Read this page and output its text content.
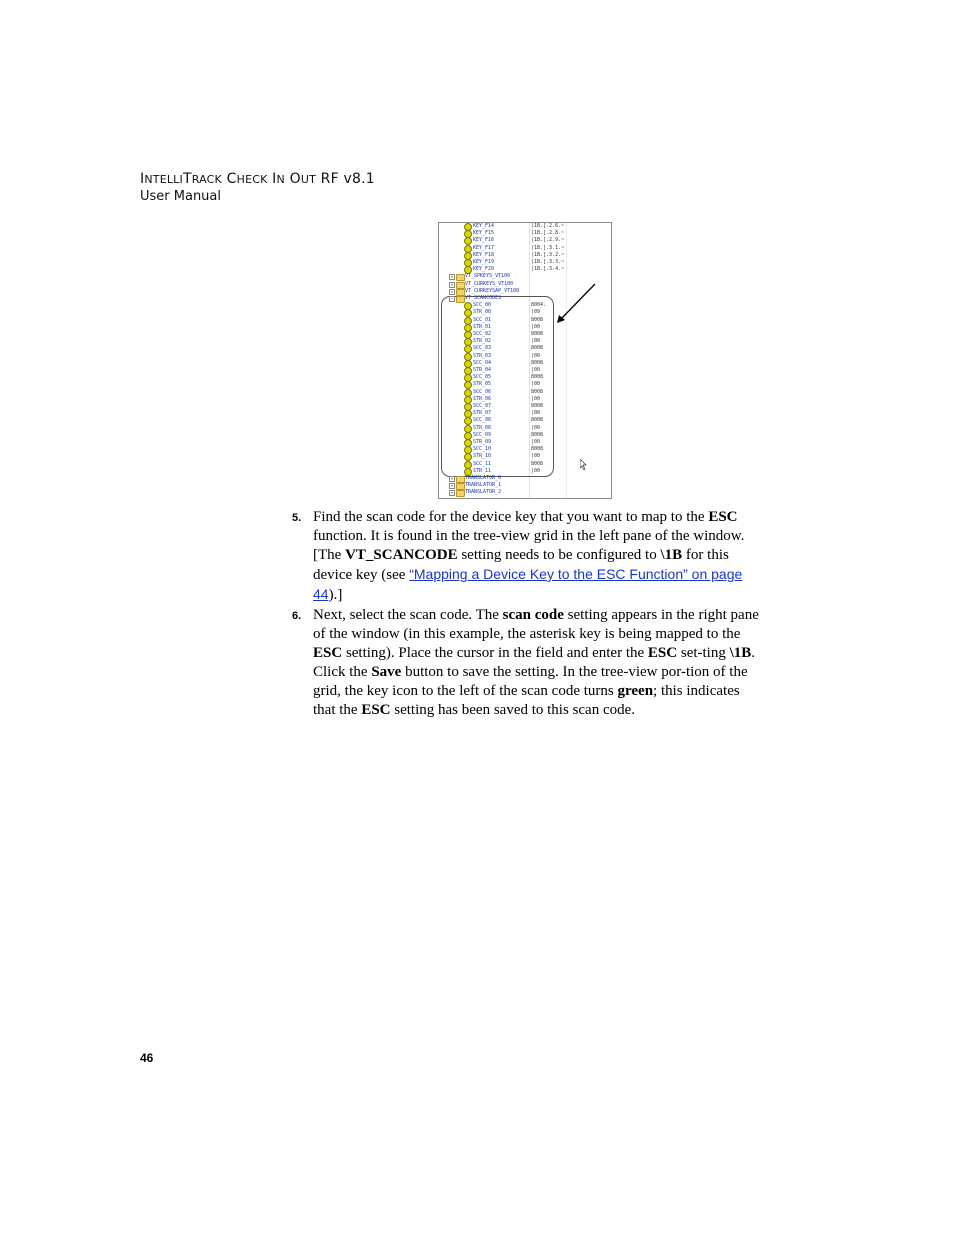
INTELLITRACK CHECK IN OUT RF v8.1
User Manual
KEY_F14	|1B.[.2.6.~
KEY_F15	|1B.[.2.8.~
KEY_F16	|1B.[.2.9.~
KEY_F17	|1B.[.3.1.~
KEY_F18	|1B.[.3.2.~
KEY_F19	|1B.[.3.3.~
KEY_F20	|1B.[.3.4.~
+	VT_SPKEYS_VT100
+	VT_CURKEYS_VT100
+	VT_CURKEYSAP_VT100
−	VT_SCANCODES
SCC_00	8004.
STR_00	|09
SCC_01	8008
STR_01	|00
SCC_02	8008
STR_02	|00
SCC_03	8008
STR_03	|00
SCC_04	8008
STR_04	|00
SCC_05	8008
STR_05	|00
SCC_06	8008
STR_06	|00
SCC_07	8008
STR_07	|00
SCC_08	8008
STR_08	|00
SCC_09	8008
STR_09	|00
SCC_10	8008
STR_10	|00
SCC_11	8008
STR_11	|00
+	TRANSLATOR_0
+	TRANSLATOR_1
+	TRANSLATOR_2
5. Find the scan code for the device key that you want to map to the ESC function. It is found in the tree-view grid in the left pane of the window. [The VT_SCANCODE setting needs to be configured to \1B for this device key (see “Mapping a Device Key to the ESC Function” on page 44).]
6. Next, select the scan code. The scan code setting appears in the right pane of the window (in this example, the asterisk key is being mapped to the ESC setting). Place the cursor in the field and enter the ESC set-ting \1B. Click the Save button to save the setting. In the tree-view por-tion of the grid, the key icon to the left of the scan code turns green; this indicates that the ESC setting has been saved to this scan code.
46
